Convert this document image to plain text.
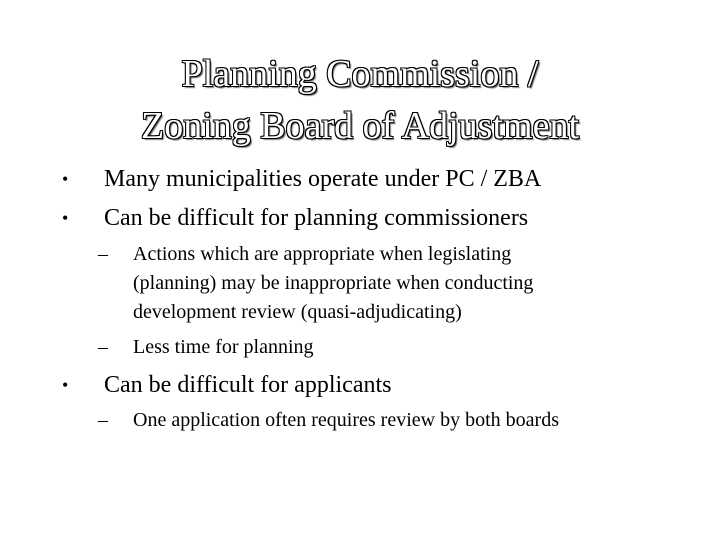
Planning Commission /
Zoning Board of Adjustment
• Many municipalities operate under PC / ZBA
• Can be difficult for planning commissioners
– Actions which are appropriate when legislating
(planning) may be inappropriate when conducting
development review (quasi-adjudicating)
– Less time for planning
• Can be difficult for applicants
– One application often requires review by both boards
